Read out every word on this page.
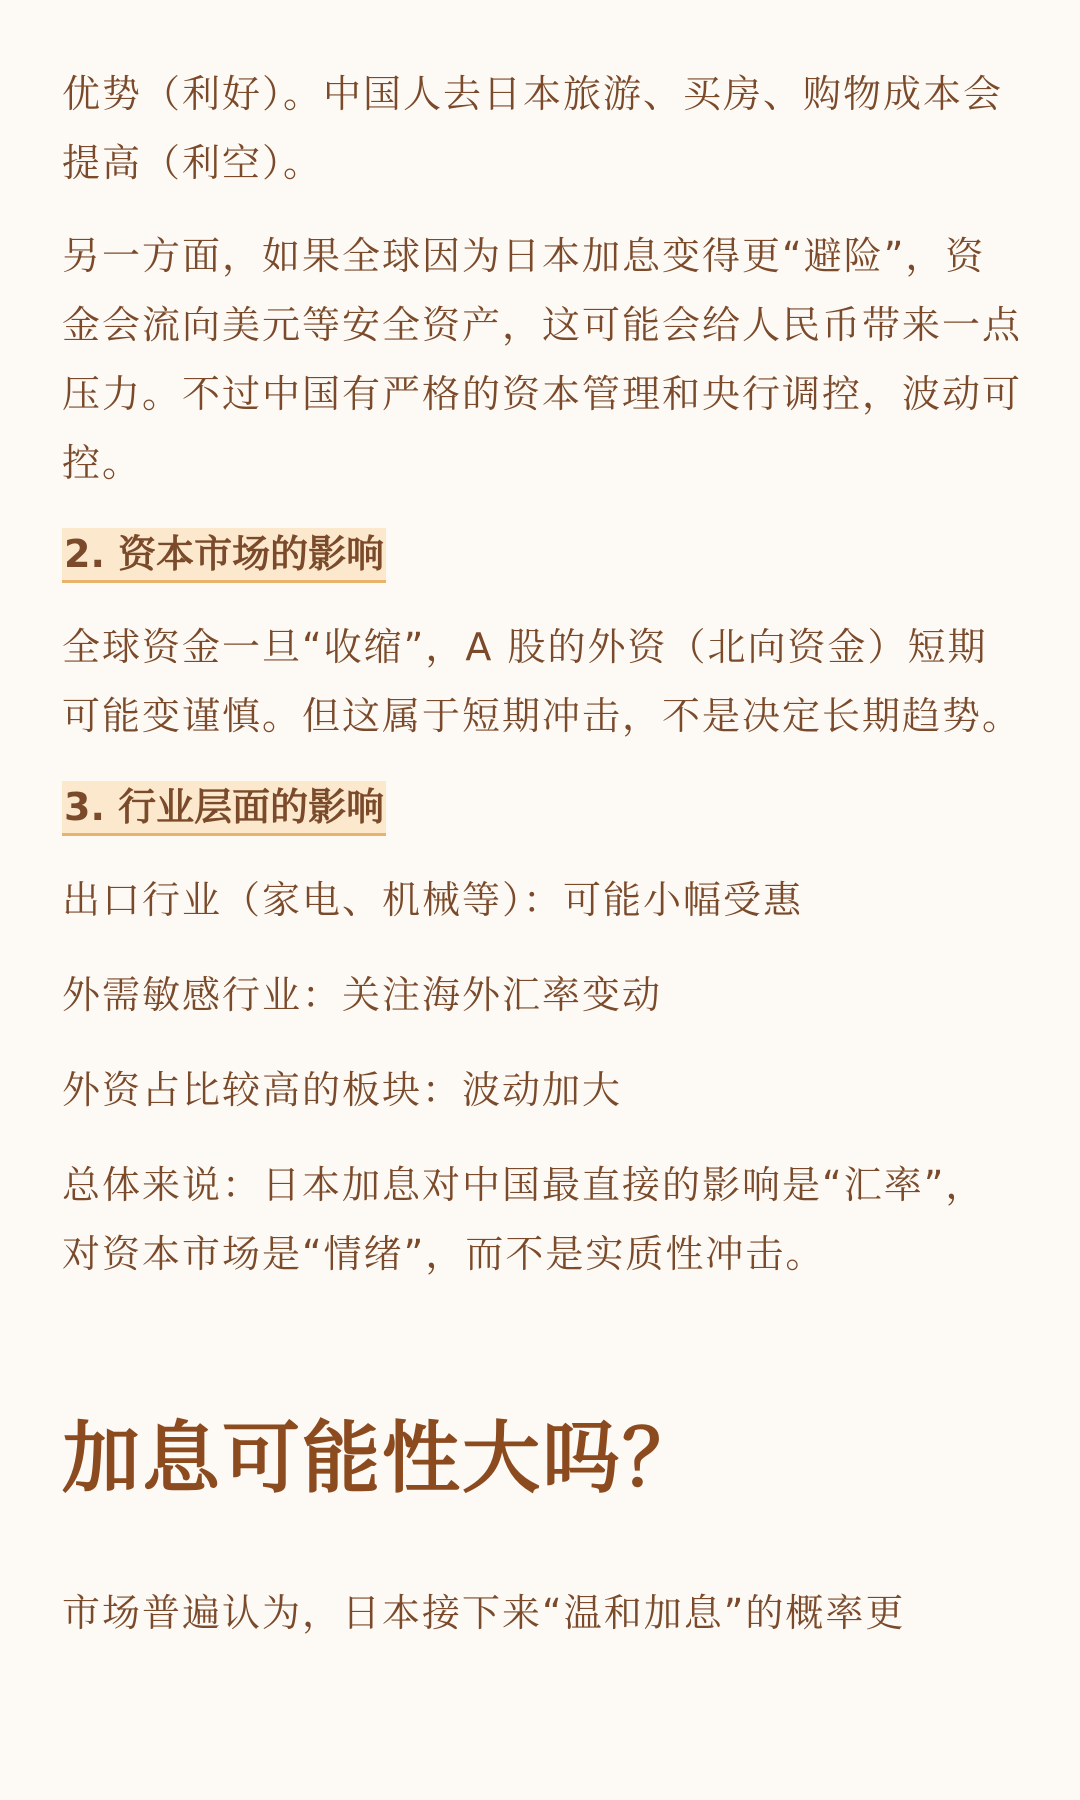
优势（利好）。中国人去日本旅游、买房、购物成本会提高（利空）。

另一方面，如果全球因为日本加息变得更“避险”，资金会流向美元等安全资产，这可能会给人民币带来一点压力。不过中国有严格的资本管理和央行调控，波动可控。

2. 资本市场的影响

全球资金一旦“收缩”，A 股的外资（北向资金）短期可能变谨慎。但这属于短期冲击，不是决定长期趋势。

3. 行业层面的影响

出口行业（家电、机械等）：可能小幅受惠

外需敏感行业：关注海外汇率变动

外资占比较高的板块：波动加大

总体来说：日本加息对中国最直接的影响是“汇率”，对资本市场是“情绪”，而不是实质性冲击。

加息可能性大吗？

市场普遍认为，日本接下来“温和加息”的概率更
